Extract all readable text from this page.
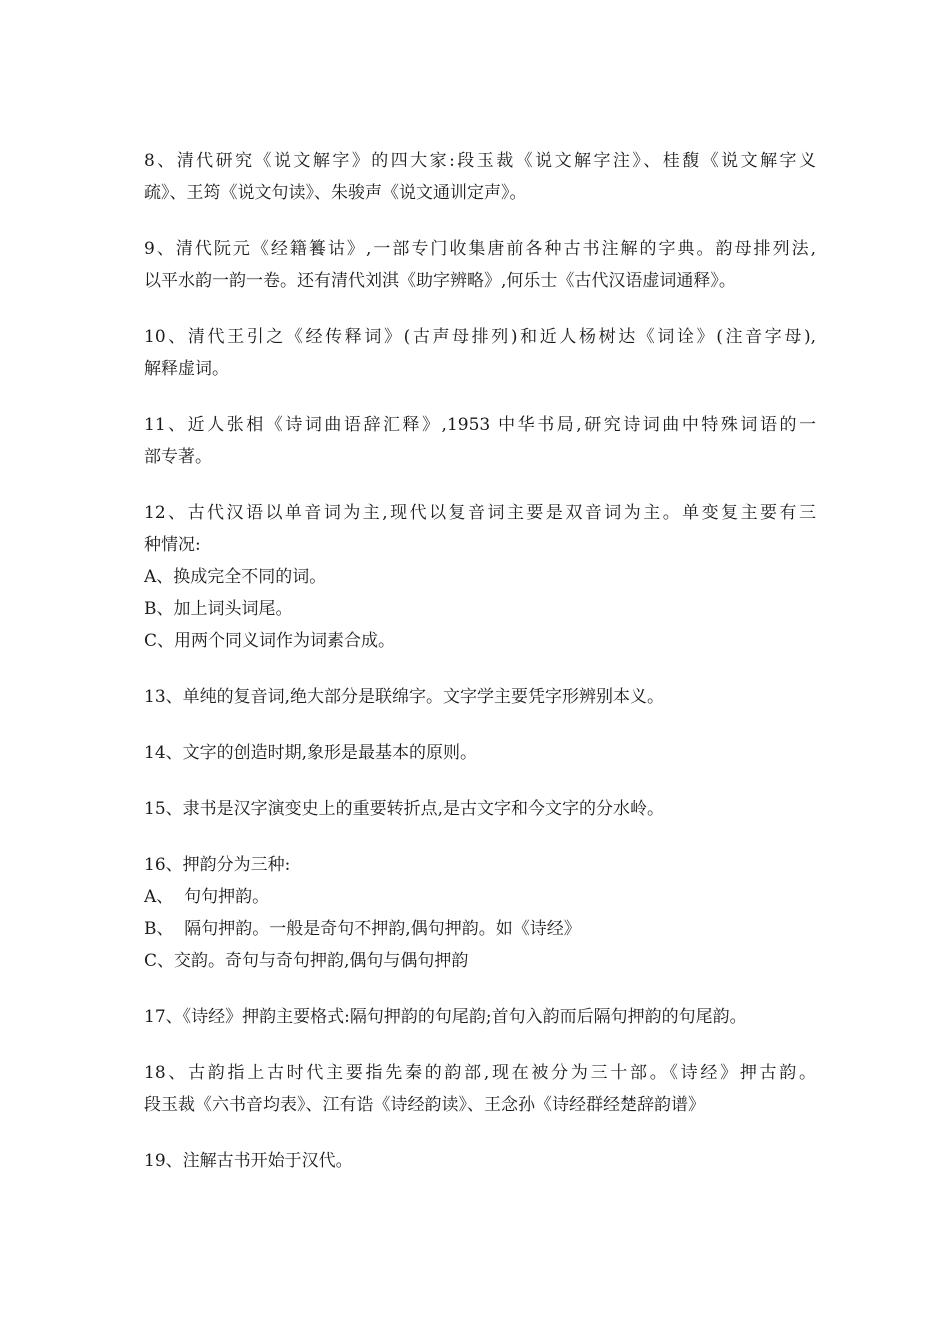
8、清代研究《说文解字》的四大家:段玉裁《说文解字注》、桂馥《说文解字义
疏》、王筠《说文句读》、朱骏声《说文通训定声》。
9、清代阮元《经籍籑诂》,一部专门收集唐前各种古书注解的字典。韵母排列法,
以平水韵一韵一卷。还有清代刘淇《助字辨略》,何乐士《古代汉语虚词通释》。
10、清代王引之《经传释词》(古声母排列)和近人杨树达《词诠》(注音字母),
解释虚词。
11、近人张相《诗词曲语辞汇释》,1953 中华书局,研究诗词曲中特殊词语的一
部专著。
12、古代汉语以单音词为主,现代以复音词主要是双音词为主。单变复主要有三
种情况:
A、换成完全不同的词。
B、加上词头词尾。
C、用两个同义词作为词素合成。
13、单纯的复音词,绝大部分是联绵字。文字学主要凭字形辨别本义。
14、文字的创造时期,象形是最基本的原则。
15、隶书是汉字演变史上的重要转折点,是古文字和今文字的分水岭。
16、押韵分为三种:
A、  句句押韵。
B、  隔句押韵。一般是奇句不押韵,偶句押韵。如《诗经》
C、交韵。奇句与奇句押韵,偶句与偶句押韵
17、《诗经》押韵主要格式:隔句押韵的句尾韵;首句入韵而后隔句押韵的句尾韵。
18、古韵指上古时代主要指先秦的韵部,现在被分为三十部。《诗经》押古韵。
段玉裁《六书音均表》、江有诰《诗经韵读》、王念孙《诗经群经楚辞韵谱》
19、注解古书开始于汉代。
